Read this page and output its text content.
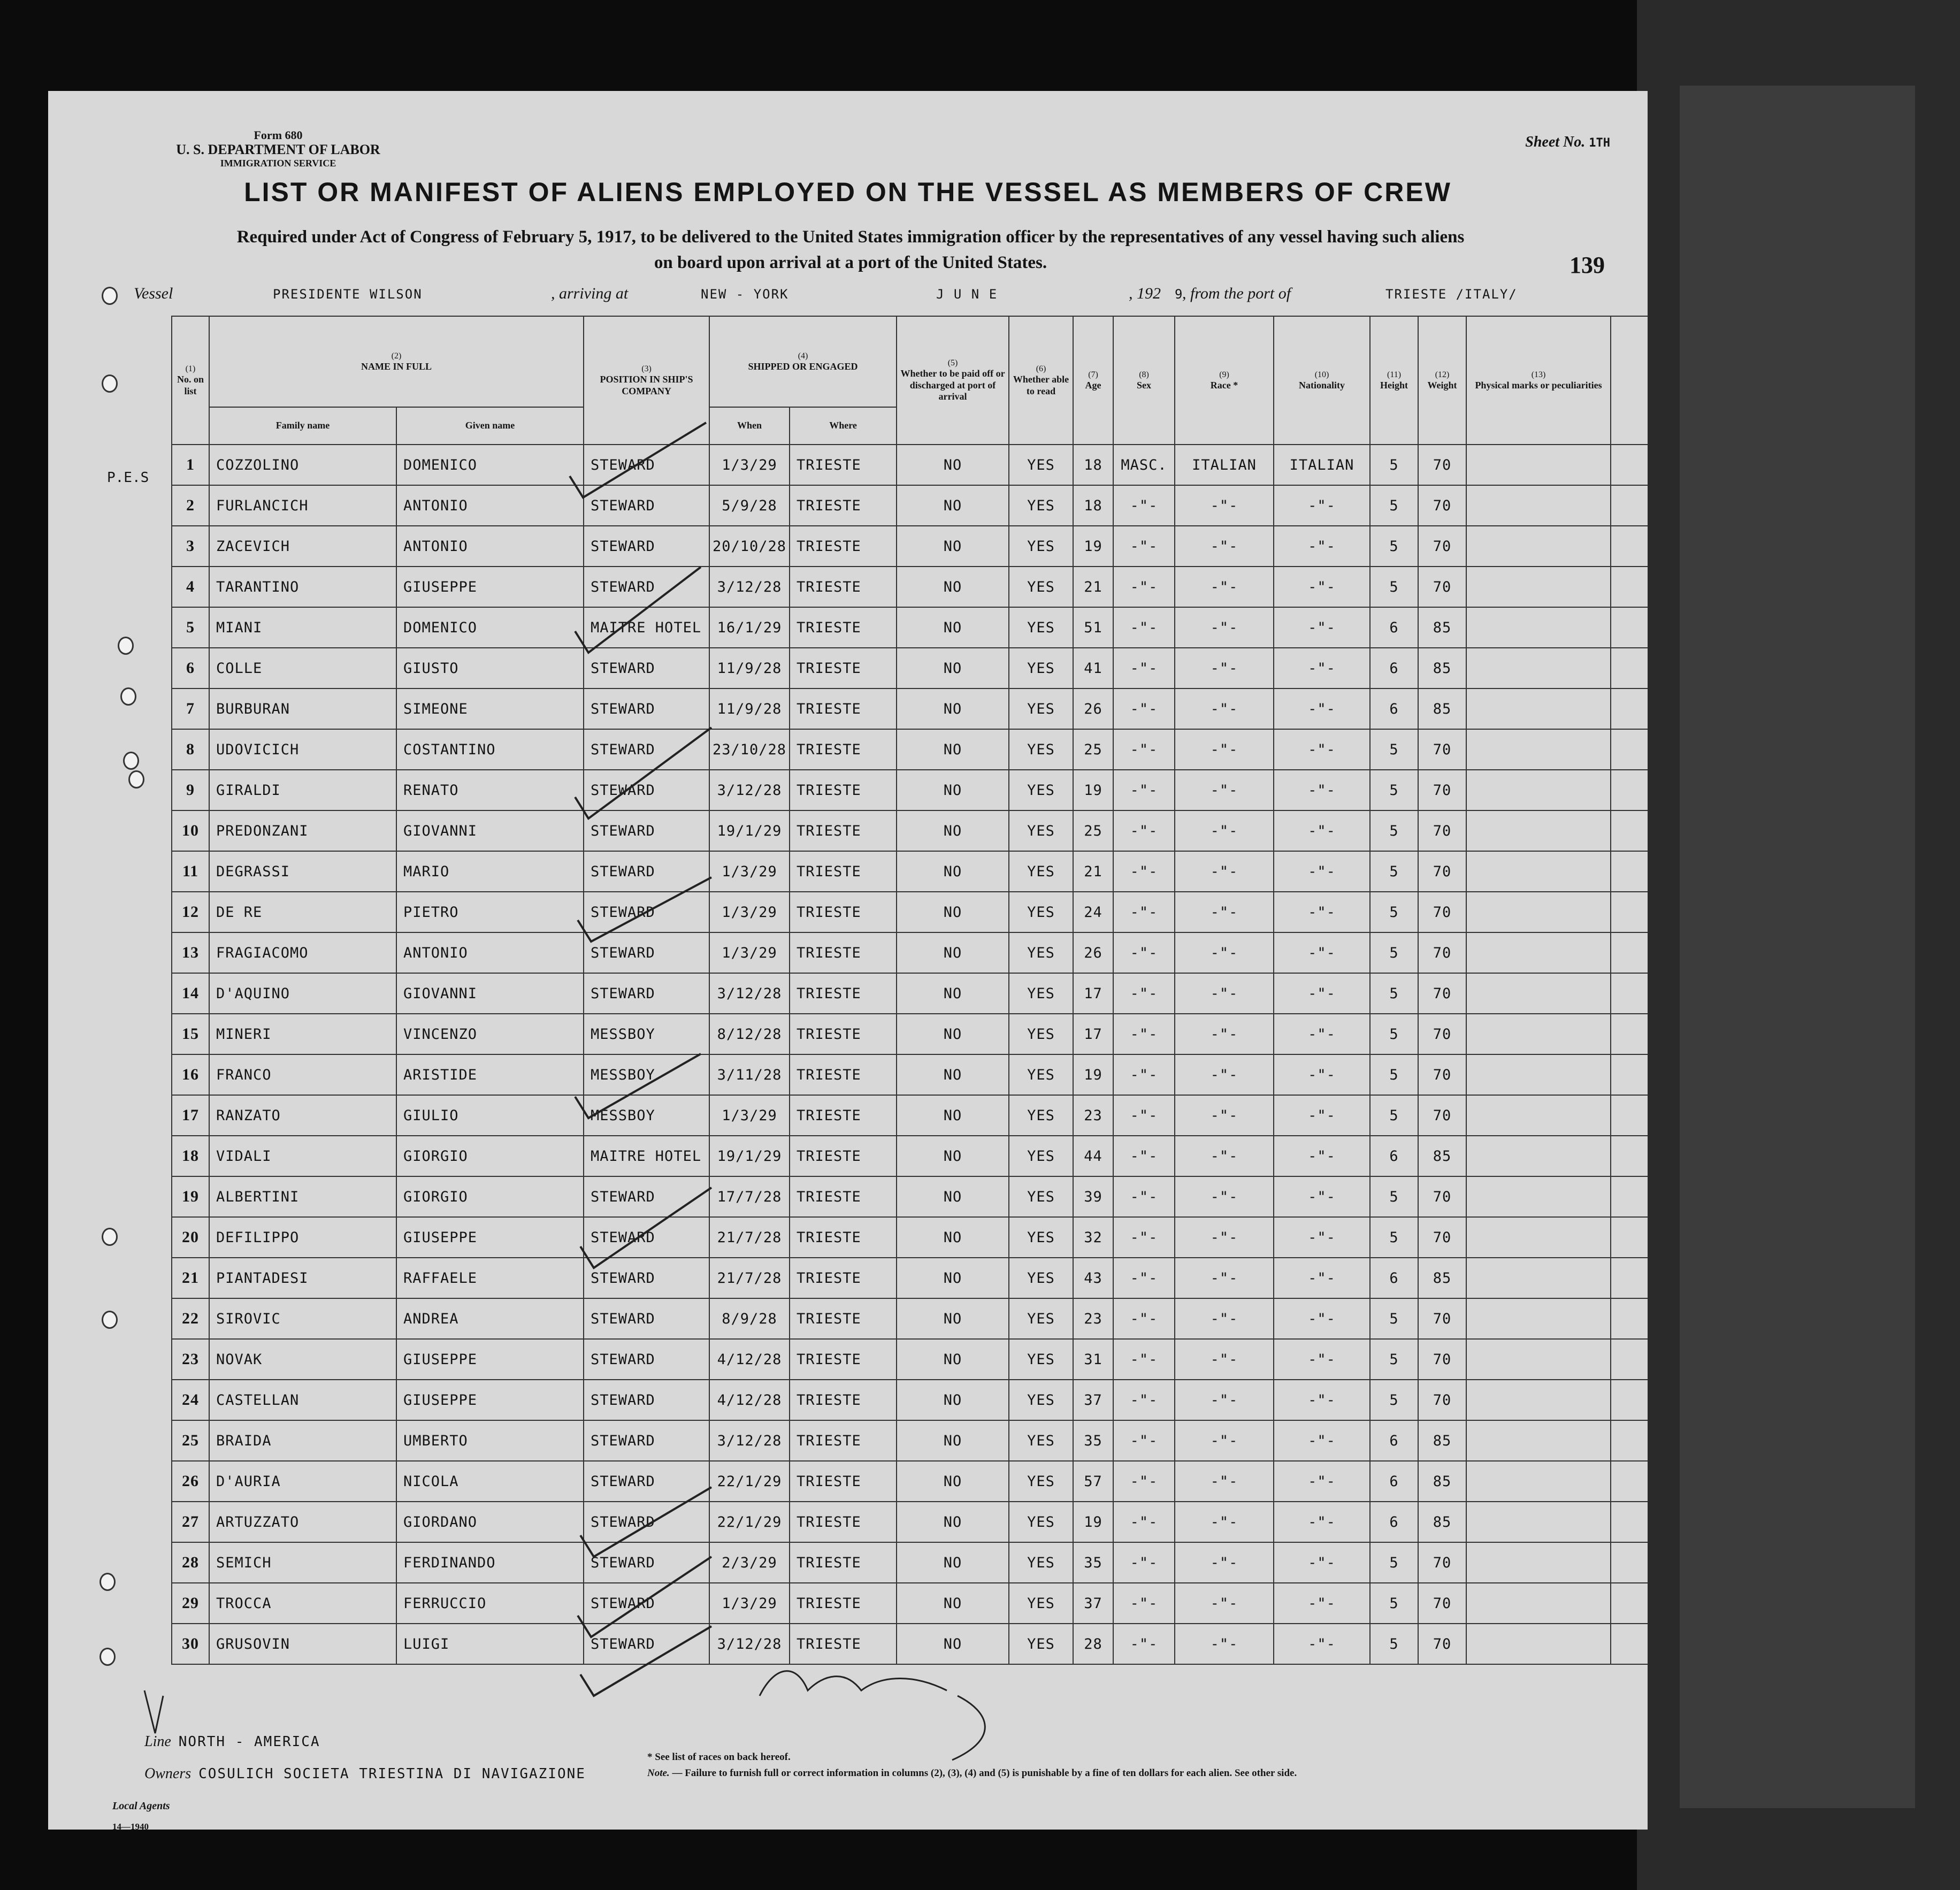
Form 680
U. S. DEPARTMENT OF LABOR
IMMIGRATION SERVICE
Sheet No. 1TH
LIST OR MANIFEST OF ALIENS EMPLOYED ON THE VESSEL AS MEMBERS OF CREW
Required under Act of Congress of February 5, 1917, to be delivered to the United States immigration officer by the representatives of any vessel having such aliens
on board upon arrival at a port of the United States.	139
Vessel	PRESIDENTE WILSON	, arriving at	NEW - YORK	J U N E	, 192 9
, from the port of	TRIESTE /ITALY/
P.E.S
(1)
No. on list	(2)
NAME IN FULL		(3)
POSITION IN SHIP'S COMPANY	(4)
SHIPPED OR ENGAGED		(5)
Whether to be paid off or discharged at port of arrival	(6)
Whether able to read	(7)
Age	(8)
Sex	(9)
Race *	(10)
Nationality	(11)
Height	(12)
Weight	(13)
Physical marks or peculiarities	
	Family name	Given name		When	Where										
1	COZZOLINO	DOMENICO	STEWARD	1/3/29	TRIESTE	NO	YES	18	MASC.	ITALIAN	ITALIAN	5	70		
2	FURLANCICH	ANTONIO	STEWARD	5/9/28	TRIESTE	NO	YES	18	-"-	-"-	-"-	5	70		
3	ZACEVICH	ANTONIO	STEWARD	20/10/28	TRIESTE	NO	YES	19	-"-	-"-	-"-	5	70		
4	TARANTINO	GIUSEPPE	STEWARD	3/12/28	TRIESTE	NO	YES	21	-"-	-"-	-"-	5	70		
5	MIANI	DOMENICO	MAITRE HOTEL	16/1/29	TRIESTE	NO	YES	51	-"-	-"-	-"-	6	85		
6	COLLE	GIUSTO	STEWARD	11/9/28	TRIESTE	NO	YES	41	-"-	-"-	-"-	6	85		
7	BURBURAN	SIMEONE	STEWARD	11/9/28	TRIESTE	NO	YES	26	-"-	-"-	-"-	6	85		
8	UDOVICICH	COSTANTINO	STEWARD	23/10/28	TRIESTE	NO	YES	25	-"-	-"-	-"-	5	70		
9	GIRALDI	RENATO	STEWARD	3/12/28	TRIESTE	NO	YES	19	-"-	-"-	-"-	5	70		
10	PREDONZANI	GIOVANNI	STEWARD	19/1/29	TRIESTE	NO	YES	25	-"-	-"-	-"-	5	70		
11	DEGRASSI	MARIO	STEWARD	1/3/29	TRIESTE	NO	YES	21	-"-	-"-	-"-	5	70		
12	DE RE	PIETRO	STEWARD	1/3/29	TRIESTE	NO	YES	24	-"-	-"-	-"-	5	70		
13	FRAGIACOMO	ANTONIO	STEWARD	1/3/29	TRIESTE	NO	YES	26	-"-	-"-	-"-	5	70		
14	D'AQUINO	GIOVANNI	STEWARD	3/12/28	TRIESTE	NO	YES	17	-"-	-"-	-"-	5	70		
15	MINERI	VINCENZO	MESSBOY	8/12/28	TRIESTE	NO	YES	17	-"-	-"-	-"-	5	70		
16	FRANCO	ARISTIDE	MESSBOY	3/11/28	TRIESTE	NO	YES	19	-"-	-"-	-"-	5	70		
17	RANZATO	GIULIO	MESSBOY	1/3/29	TRIESTE	NO	YES	23	-"-	-"-	-"-	5	70		
18	VIDALI	GIORGIO	MAITRE HOTEL	19/1/29	TRIESTE	NO	YES	44	-"-	-"-	-"-	6	85		
19	ALBERTINI	GIORGIO	STEWARD	17/7/28	TRIESTE	NO	YES	39	-"-	-"-	-"-	5	70		
20	DEFILIPPO	GIUSEPPE	STEWARD	21/7/28	TRIESTE	NO	YES	32	-"-	-"-	-"-	5	70		
21	PIANTADESI	RAFFAELE	STEWARD	21/7/28	TRIESTE	NO	YES	43	-"-	-"-	-"-	6	85		
22	SIROVIC	ANDREA	STEWARD	8/9/28	TRIESTE	NO	YES	23	-"-	-"-	-"-	5	70		
23	NOVAK	GIUSEPPE	STEWARD	4/12/28	TRIESTE	NO	YES	31	-"-	-"-	-"-	5	70		
24	CASTELLAN	GIUSEPPE	STEWARD	4/12/28	TRIESTE	NO	YES	37	-"-	-"-	-"-	5	70		
25	BRAIDA	UMBERTO	STEWARD	3/12/28	TRIESTE	NO	YES	35	-"-	-"-	-"-	6	85		
26	D'AURIA	NICOLA	STEWARD	22/1/29	TRIESTE	NO	YES	57	-"-	-"-	-"-	6	85		
27	ARTUZZATO	GIORDANO	STEWARD	22/1/29	TRIESTE	NO	YES	19	-"-	-"-	-"-	6	85		
28	SEMICH	FERDINANDO	STEWARD	2/3/29	TRIESTE	NO	YES	35	-"-	-"-	-"-	5	70		
29	TROCCA	FERRUCCIO	STEWARD	1/3/29	TRIESTE	NO	YES	37	-"-	-"-	-"-	5	70		
30	GRUSOVIN	LUIGI	STEWARD	3/12/28	TRIESTE	NO	YES	28	-"-	-"-	-"-	5	70		
Line NORTH - AMERICA
Owners COSULICH SOCIETA TRIESTINA DI NAVIGAZIONE
Local Agents
14—1940
* See list of races on back hereof.
Note. — Failure to furnish full or correct information in columns (2), (3), (4) and (5) is punishable by a fine of ten dollars for each alien. See other side.
